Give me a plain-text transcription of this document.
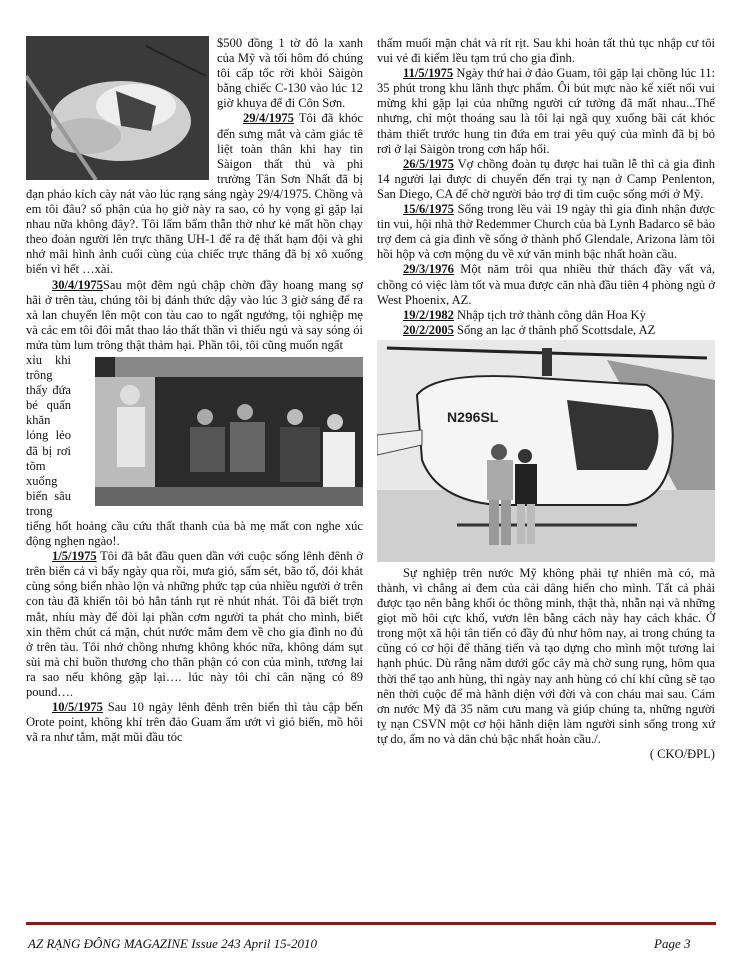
$500 đồng 1 tờ đô la xanh của Mỹ và tối hôm đó chúng tôi cấp tốc rời khỏi Sàigòn bằng chiếc C-130 vào lúc 12 giờ khuya để đi Côn Sơn.

29/4/1975 Tôi đã khóc đến sưng mắt và cảm giác tê liệt toàn thân khi hay tin Sàigon thất thủ và phi trường Tân Sơn Nhất đã bị đạn pháo kích cày nát vào lúc rạng sáng ngày 29/4/1975. Chồng và em tôi đâu? số phận của họ giờ này ra sao, có hy vọng gì gặp lại nhau nữa không đây?. Tôi lẩm bẩm thẫn thờ như kẻ mất hồn chạy theo đoàn người lên trực thăng UH-1 để ra đệ thất hạm đội và ghi nhớ mãi hình ảnh cuối cùng của chiếc trực thăng đã bị xô xuống biển vì hết …xài.

30/4/1975Sau một đêm ngủ chập chờn đầy hoang mang sợ hãi ở trên tàu, chúng tôi bị đánh thức dậy vào lúc 3 giờ sáng để ra xà lan chuyển lên một con tàu cao to ngất ngưởng, tội nghiệp mẹ và các em tôi đôi mắt thao láo thất thần vì thiếu ngủ và say sóng ói mửa tùm lum trông thật thảm hại. Phần tôi, tôi cũng muốn ngất

xỉu khi trông thấy đứa bé quấn khăn lỏng lẻo đã bị rơi tõm xuống biển sâu trong tiếng hốt hoảng cầu cứu thất thanh của bà mẹ mất con nghe xúc động nghẹn ngào!.

1/5/1975 Tôi đã bắt đầu quen dần với cuộc sống lênh đênh ở trên biển cả vì bẩy ngày qua rồi, mưa gió, sấm sét, bão tố, đói khát cùng sóng biển nhào lộn và những phức tạp của nhiều người ở trên con tàu đã khiến tôi bỏ hẳn tánh rụt rè nhút nhát. Tôi đã biết trợn mắt, nhíu mày để đòi lại phần cơm người ta phát cho mình, biết xin thêm chút cá mặn, chút nước mắm đem về cho gia đình no đủ ở trên tàu. Tôi nhớ chồng nhưng không khóc nữa, không dám sụt sùi mà chỉ buồn thương cho thân phận có con của mình, tương lai ra sao nếu không gặp lại…. lúc này tôi chỉ cân nặng có 89 pound….

10/5/1975 Sau 10 ngày lênh đênh trên biển thì tàu cập bến Orote point, không khí trên đảo Guam ẩm ướt vì gió biển, mồ hôi vã ra như tắm, mặt mũi đầu tóc

thấm muối mặn chát và rít rịt. Sau khi hoàn tất thủ tục nhập cư tôi vui vẻ đi kiếm lều tạm trú cho gia đình.

11/5/1975 Ngày thứ hai ở đảo Guam, tôi gặp lại chồng lúc 11: 35 phút trong khu lãnh thực phẩm. Ôi bút mực nào kể xiết nổi vui mừng khi gặp lại của những người cứ tưởng đã mất nhau...Thế nhưng, chỉ một thoáng sau là tôi lại ngã quỵ xuống bãi cát khóc thảm thiết trước hung tin đứa em trai yêu quý của mình đã bị bỏ rơi ở lại Sàigòn trong cơn hấp hối.

26/5/1975 Vợ chồng đoàn tụ được hai tuần lễ thì cả gia đình 14 người lại được di chuyển đến trại tỵ nạn ở Camp Penlenton, San Diego, CA để chờ người bảo trợ đi tìm cuộc sống mới ở Mỹ.

15/6/1975 Sống trong lều vải 19 ngày thì gia đình nhận được tin vui, hội nhà thờ Redemmer Church của bà Lynh Badarco sẽ bảo trợ đem cả gia đình về sống ở thành phố Glendale, Arizona làm tôi hồi hộp và cơn mộng du về xứ văn minh bậc nhất hoàn cầu.

29/3/1976 Một năm trôi qua nhiều thử thách đầy vất vả, chồng có việc làm tốt và mua được căn nhà đầu tiên 4 phòng ngủ ở West Phoenix, AZ.

19/2/1982 Nhập tịch trở thành công dân Hoa Kỳ

20/2/2005 Sống an lạc ở thành phố Scottsdale, AZ

N296SL

Sự nghiệp trên nước Mỹ không phải tự nhiên mà có, mà thành, vì chẳng ai đem của cải dâng hiến cho mình. Tất cả phải được tạo nên bằng khối óc thông minh, thật thà, nhẫn nại và những giọt mồ hôi cực khổ, vươn lên bằng cách này hay cách khác. Ở trong một xã hội tân tiến có đầy đủ như hôm nay, ai trong chúng ta cũng có cơ hội để thăng tiến và tạo dựng cho mình một tương lai hạnh phúc. Dù rằng nằm dưới gốc cây mà chờ sung rụng, hôm qua thời thế tạo anh hùng, thì ngày nay anh hùng có chí khí cũng sẽ tạo nên thời cuộc để mà hãnh diện với đời và con cháu mai sau. Cám ơn nước Mỹ đã 35 năm cưu mang và giúp chúng ta, những người tỵ nạn CSVN một cơ hội hãnh diện làm người sinh sống trong xứ tự do, ấm no và dân chủ bậc nhất hoàn cầu./.

( CKO/ĐPL)

AZ RẠNG ĐÔNG MAGAZINE Issue 243 April 15-2010	Page 3
